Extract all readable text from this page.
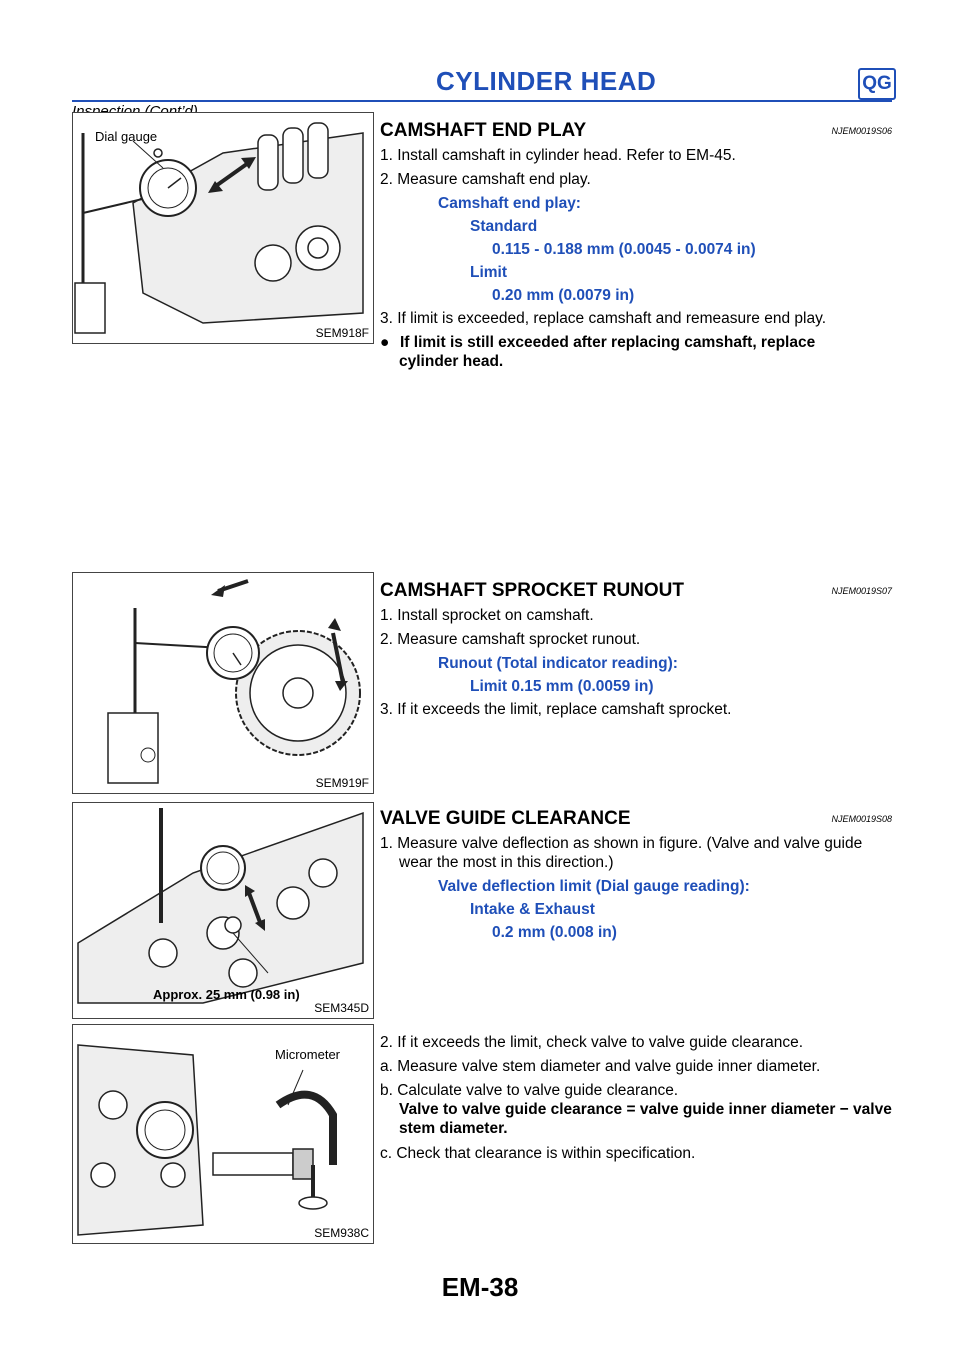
CYLINDER HEAD	QG
Dial gauge
SEM918F
SEM919F
Approx. 25 mm (0.98 in)
SEM345D
Micrometer
SEM938C
CAMSHAFT END PLAY	NJEM0019S06
1. Install camshaft in cylinder head. Refer to EM-45.
2. Measure camshaft end play.
Camshaft end play:
Standard
0.115 - 0.188 mm (0.0045 - 0.0074 in)
Limit
0.20 mm (0.0079 in)
3. If limit is exceeded, replace camshaft and remeasure end play.
● If limit is still exceeded after replacing camshaft, replace
cylinder head.
CAMSHAFT SPROCKET RUNOUT	NJEM0019S07
1. Install sprocket on camshaft.
2. Measure camshaft sprocket runout.
Runout (Total indicator reading):
Limit 0.15 mm (0.0059 in)
3. If it exceeds the limit, replace camshaft sprocket.
VALVE GUIDE CLEARANCE	NJEM0019S08
1. Measure valve deflection as shown in figure. (Valve and valve guide wear the most in this direction.)
Valve deflection limit (Dial gauge reading):
Intake & Exhaust
0.2 mm (0.008 in)
2. If it exceeds the limit, check valve to valve guide clearance.
a. Measure valve stem diameter and valve guide inner diameter.
b. Calculate valve to valve guide clearance.
Valve to valve guide clearance = valve guide inner diameter − valve stem diameter.
c. Check that clearance is within specification.
EM-38
